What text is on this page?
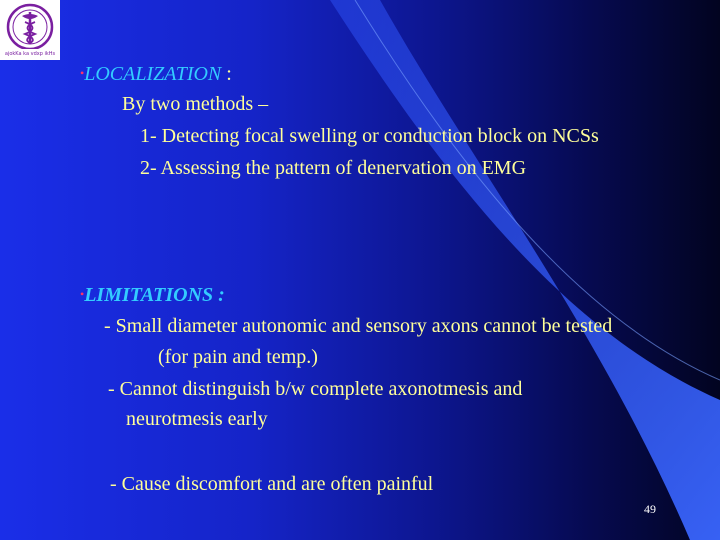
ajokKa ka vdxp ikHs
•LOCALIZATION :
By two methods –
1- Detecting focal swelling or conduction block on NCSs
2- Assessing the pattern of denervation on EMG
•LIMITATIONS :
- Small diameter autonomic and sensory axons cannot be tested
(for pain and temp.)
- Cannot distinguish b/w complete axonotmesis and
neurotmesis early
- Cause discomfort and are often painful
49
